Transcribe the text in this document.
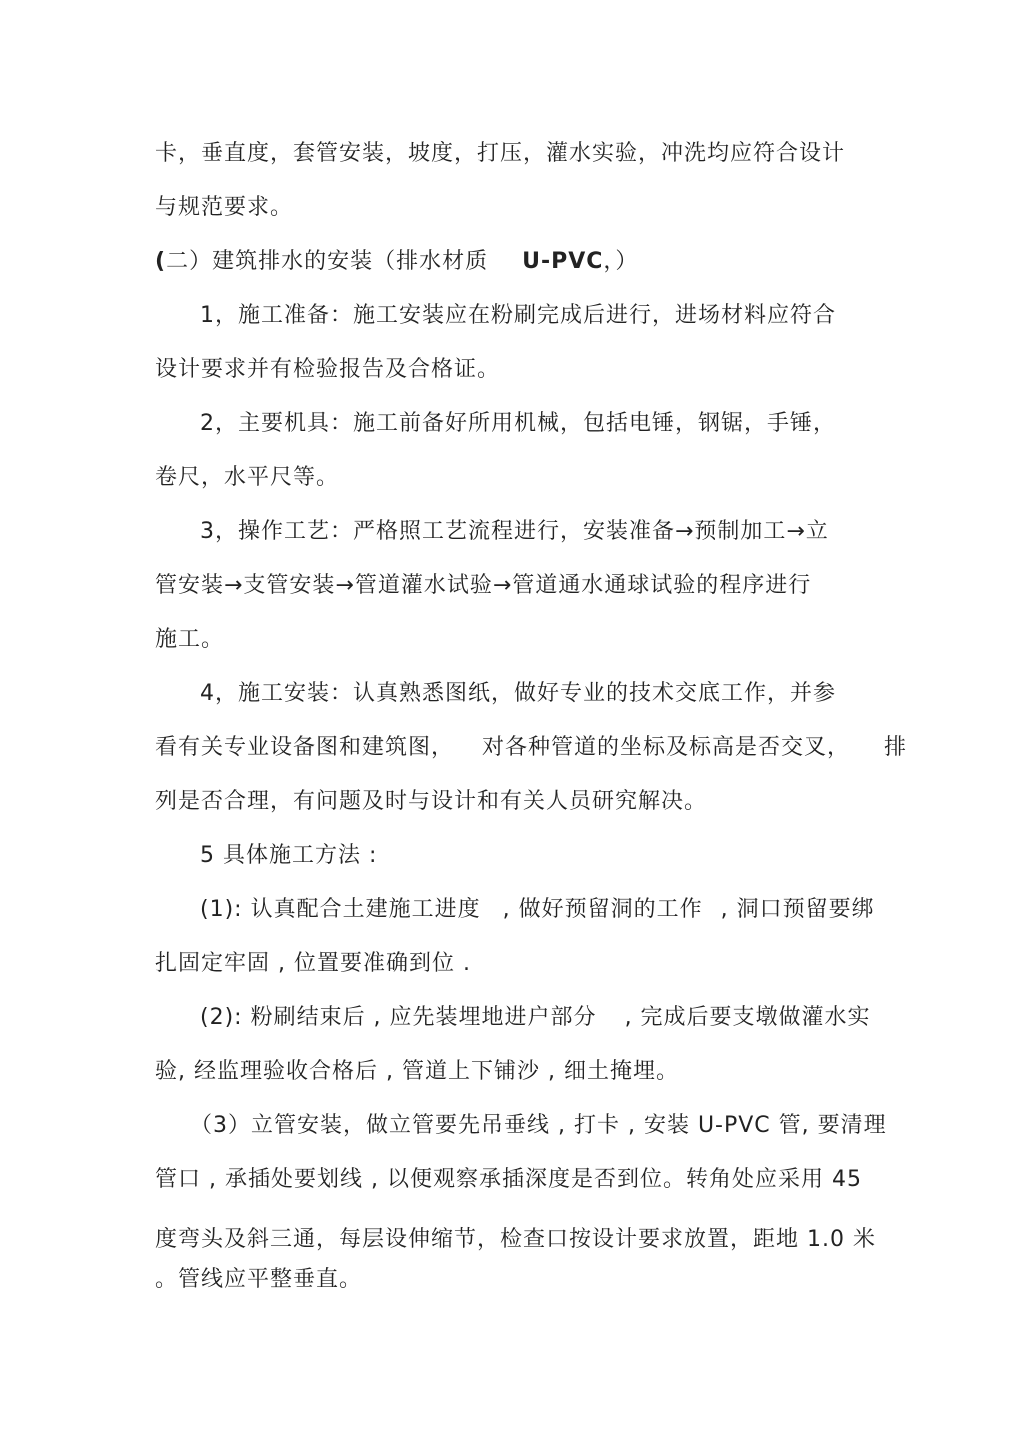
卡，垂直度，套管安装，坡度，打压，灌水实验，冲洗均应符合设计
与规范要求。
(二）建筑排水的安装（排水材质 U-PVC，）
1，施工准备：施工安装应在粉刷完成后进行，进场材料应符合
设计要求并有检验报告及合格证。
2，主要机具：施工前备好所用机械，包括电锤，钢锯，手锤，
卷尺，水平尺等。
3，操作工艺：严格照工艺流程进行，安装准备→预制加工→立
管安装→支管安装→管道灌水试验→管道通水通球试验的程序进行
施工。
4，施工安装：认真熟悉图纸，做好专业的技术交底工作，并参
看有关专业设备图和建筑图， 对各种管道的坐标及标高是否交叉， 排
列是否合理，有问题及时与设计和有关人员研究解决。
5 具体施工方法 :
(1): 认真配合土建施工进度 , 做好预留洞的工作 , 洞口预留要绑
扎固定牢固 , 位置要准确到位 .
(2): 粉刷结束后 , 应先装埋地进户部分 , 完成后要支墩做灌水实
验, 经监理验收合格后 , 管道上下铺沙 , 细土掩埋。
（3）立管安装，做立管要先吊垂线 , 打卡 , 安装 U-PVC 管, 要清理
管口 , 承插处要划线 , 以便观察承插深度是否到位。转角处应采用 45
度弯头及斜三通，每层设伸缩节，检查口按设计要求放置，距地 1.0 米
。管线应平整垂直。
